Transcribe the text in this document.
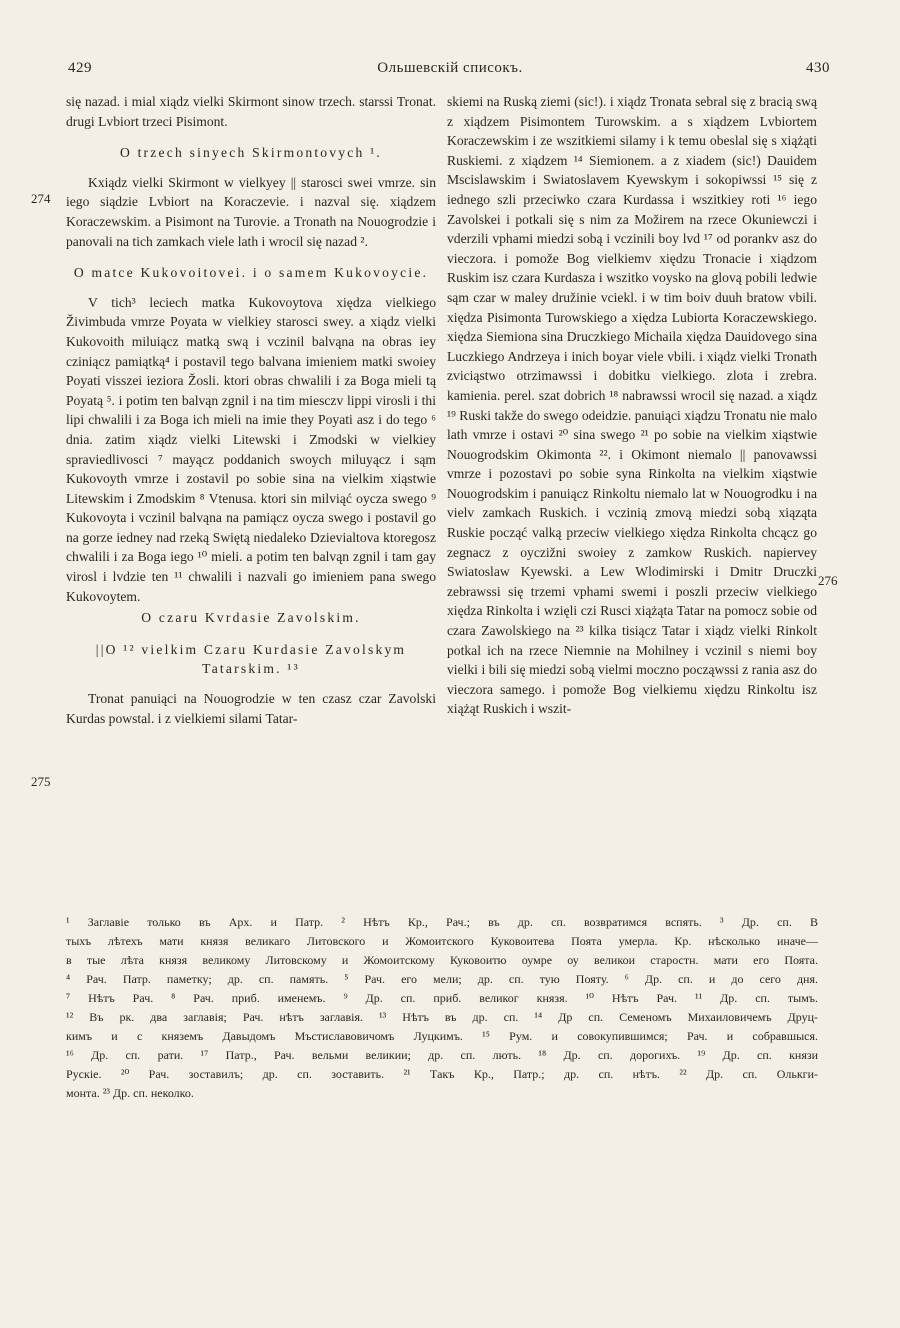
429	Ольшевскій списокъ.	430

się nazad. i mial xiądz vielki Skirmont sinow trzech. starssi Tronat. drugi Lvbiort trzeci Pisimont.

O trzech sinyech Skirmontovych ¹.

Kxiądz vielki Skirmont w vielkyey || starosci swei vmrze. sin iego siądzie Lvbiort na Koraczevie. i nazval się. xiądzem Koraczewskim. a Pisimont na Turovie. a Tronath na Nouogrodzie i panovali na tich zamkach viele lath i wrocil się nazad ².

O matce Kukovoitovei. i o samem Kukovoycie.

V tich³ leciech matka Kukovoytova xiędza vielkiego Živimbuda vmrze Poyata w vielkiey starosci swey. a xiądz vielki Kukovoith miluiącz matką swą i vczinil balvąna na obras iey cziniącz pamiątką⁴ i postavil tego balvana imieniem matki swoiey Poyati visszei ieziora Žosli. ktori obras chwalili i za Boga mieli tą Poyatą ⁵. i potim ten balvąn zgnil i na tim miesczv lippi virosli i thi lipi chwalili i za Boga ich mieli na imie they Poyati asz i do tego ⁶ dnia. zatim xiądz vielki Litewski i Zmodski w vielkiey spraviedlivosci ⁷ mayącz poddanich swoych miluyącz i sąm Kukovoyth vmrze i zostavil po sobie sina na vielkim xiąstwie Litewskim i Zmodskim ⁸ Vtenusa. ktori sin milviąć oycza swego ⁹ Kukovoyta i vczinil balvąna na pamiącz oycza swego i postavil go na gorze iedney nad rzeką Swiętą niedaleko Dzievialtova ktoregosz chwalili i za Boga iego ¹⁰ mieli. a potim ten balvąn zgnil i tam gay virosl i lvdzie ten ¹¹ chwalili i nazvali go imieniem pana swego Kukovoytem.

O czaru Kvrdasie Zavolskim.

||O ¹² vielkim Czaru Kurdasie Zavolskym Tatarskim. ¹³

Tronat panuiąci na Nouogrodzie w ten czasz czar Zavolski Kurdas powstal. i z vielkiemi silami Tatar-

skiemi na Ruską ziemi (sic!). i xiądz Tronata sebral się z bracią swą z xiądzem Pisimontem Turowskim. a s xiądzem Lvbiortem Koraczewskim i ze wszitkiemi silamy i k temu obeslal się s xiążąti Ruskiemi. z xiądzem ¹⁴ Siemionem. a z xiadem (sic!) Dauidem Mscislawskim i Swiatoslavem Kyewskym i sokopiwssi ¹⁵ się z iednego szli przeciwko czara Kurdassa i wszitkiey roti ¹⁶ iego Zavolskei i potkali się s nim za Možirem na rzece Okuniewczi i vderzili vphami miedzi sobą i vczinili boy lvd ¹⁷ od porankv asz do vieczora. i pomože Bog vielkiemv xiędzu Tronacie i xiądzom Ruskim isz czara Kurdasza i wszitko voysko na glovą pobili ledwie sąm czar w maley družinie vciekl. i w tim boiv duuh bratow vbili. xiędza Pisimonta Turowskiego a xiędza Lubiorta Koraczewskiego. xiędza Siemiona sina Druczkiego Michaila xiędza Dauidovego sina Luczkiego Andrzeya i inich boyar viele vbili. i xiądz vielki Tronath zviciąstwo otrzimawssi i dobitku vielkiego. zlota i zrebra. kamienia. perel. szat dobrich ¹⁸ nabrawssi wrocil się nazad. a xiądz ¹⁹ Ruski takže do swego odeidzie. panuiąci xiądzu Tronatu nie malo lath vmrze i ostavi ²⁰ sina swego ²¹ po sobie na vielkim xiąstwie Nouogrodskim Okimonta ²². i Okimont niemalo || panovawssi vmrze i pozostavi po sobie syna Rinkolta na vielkim xiąstwie Nouogrodskim i panuiącz Rinkoltu niemalo lat w Nouogrodku i na vielv zamkach Ruskich. i vczinią zmovą miedzi sobą xiąząta Ruskie począć valką przeciw vielkiego xiędza Rinkolta chcącz go zegnacz z oyczižni swoiey z zamkow Ruskich. napiervey Swiatoslaw Kyewski. a Lew Wlodimirski i Dmitr Druczki zebrawssi się trzemi vphami swemi i poszli przeciw vielkiego xiędza Rinkolta i wzięli czi Rusci xiążąta Tatar na pomocz sobie od czara Zawolskiego na ²³ kilka tisiącz Tatar i xiądz vielki Rinkolt potkal ich na rzece Niemnie na Mohilney i vczinil s niemi boy vielki i bili się miedzi sobą vielmi moczno począwssi z rania asz do vieczora samego. i pomože Bog vielkiemu xiędzu Rinkoltu isz xiążąt Ruskich i wszit-

274
275
276
¹ Заглавіе только въ Арх. и Патр. ² Нѣтъ Кр., Рач.; въ др. сп. возвратимся вспять. ³ Др. сп. В
тыхъ лѣтехъ мати князя великаго Литовского и Жомоитского Куковоитева Поята умерла. Кр. нѣсколько иначе—
в тые лѣта князя великому Литовскому и Жомоитскому Куковоитю оумре оу великои старостн. мати его Поята.
⁴ Рач. Патр. паметку; др. сп. память. ⁵ Рач. его мели; др. сп. тую Пояту. ⁶ Др. сп. и до сего дня.
⁷ Нѣтъ Рач. ⁸ Рач. приб. именемъ. ⁹ Др. сп. приб. великог князя. ¹⁰ Нѣтъ Рач. ¹¹ Др. сп. тымъ.
¹² Въ рк. два заглавія; Рач. нѣтъ заглавія. ¹³ Нѣтъ въ др. сп. ¹⁴ Др сп. Семеномъ Михаиловичемъ Друц-
кимъ и с княземъ Давыдомъ Мъстиславовичомъ Луцкимъ. ¹⁵ Рум. и совокупившимся; Рач. и собравшыся.
¹⁶ Др. сп. рати. ¹⁷ Патр., Рач. вельми великии; др. сп. лють. ¹⁸ Др. сп. дорогихъ. ¹⁹ Др. сп. князи
Рускіе. ²⁰ Рач. зоставилъ; др. сп. зоставить. ²¹ Такъ Кр., Патр.; др. сп. нѣтъ. ²² Др. сп. Олькги-
монта. ²³ Др. сп. неколко.
